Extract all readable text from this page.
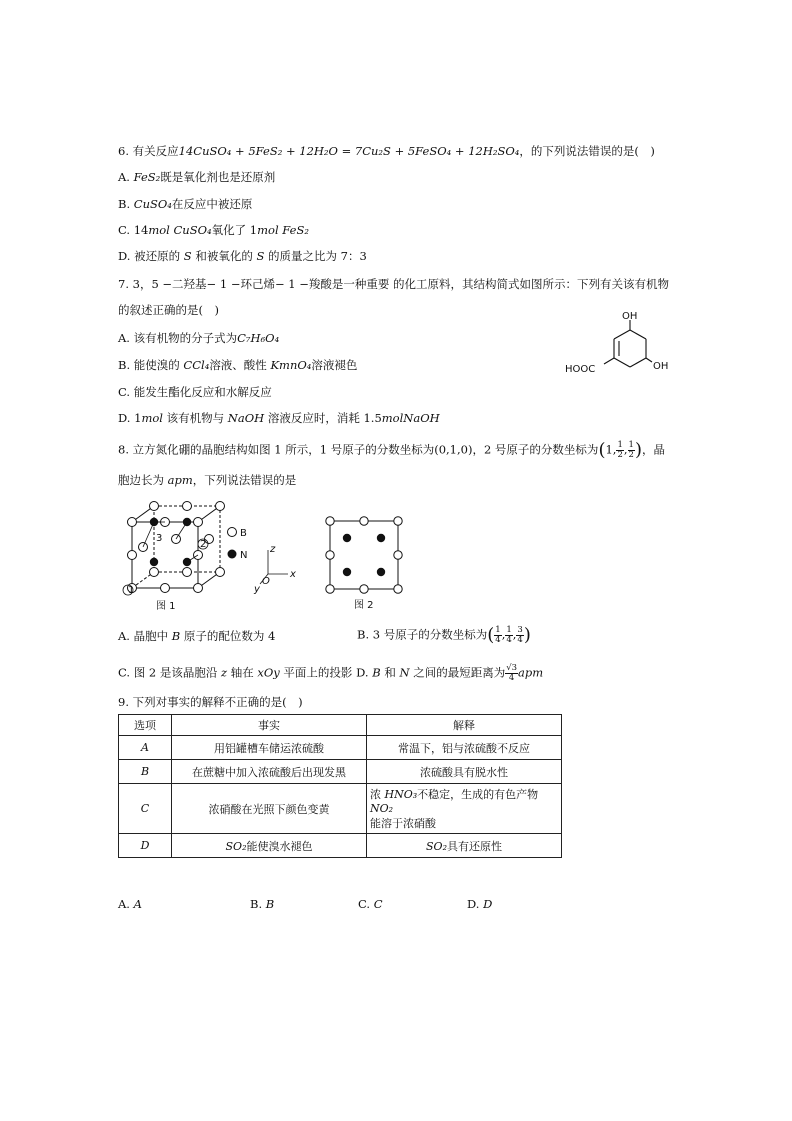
6. 有关反应14CuSO₄ + 5FeS₂ + 12H₂O = 7Cu₂S + 5FeSO₄ + 12H₂SO₄，的下列说法错误的是(　)
A. FeS₂既是氧化剂也是还原剂
B. CuSO₄在反应中被还原
C. 14mol CuSO₄氧化了 1mol FeS₂
D. 被还原的 S 和被氧化的 S 的质量之比为 7：3
7. 3，5 −二羟基− 1 −环己烯− 1 −羧酸是一种重要 的化工原料，其结构简式如图所示：下列有关该有机物
的叙述正确的是(　)
A. 该有机物的分子式为C₇H₆O₄
B. 能使溴的 CCl₄溶液、酸性 KmnO₄溶液褪色
C. 能发生酯化反应和水解反应
D. 1mol 该有机物与 NaOH 溶液反应时，消耗 1.5molNaOH
OH
OH
HOOC
8. 立方氮化硼的晶胞结构如图 1 所示，1 号原子的分数坐标为(0,1,0)，2 号原子的分数坐标为(1, $\frac{1}{2}$ , $\frac{1}{2}$ )，晶
胞边长为 apm，下列说法错误的是
1
2
3
图 1
B
N
z
x
y
O
图 2
A. 晶胞中 B 原子的配位数为 4	B. 3 号原子的分数坐标为( $\frac{1}{4}$ , $\frac{1}{4}$ , $\frac{3}{4}$ )
C. 图 2 是该晶胞沿 z 轴在 xOy 平面上的投影 D. B 和 N 之间的最短距离为 $\frac{√3}{4}$ apm
9. 下列对事实的解释不正确的是(　)
选项	事实	解释
A	用铝罐槽车储运浓硫酸	常温下，铝与浓硫酸不反应
B	在蔗糖中加入浓硫酸后出现发黑	浓硫酸具有脱水性
C	浓硝酸在光照下颜色变黄	浓 HNO₃不稳定，生成的有色产物 NO₂
能溶于浓硝酸
D	SO₂能使溴水褪色	SO₂具有还原性
A. A	B. B	C. C	D. D
